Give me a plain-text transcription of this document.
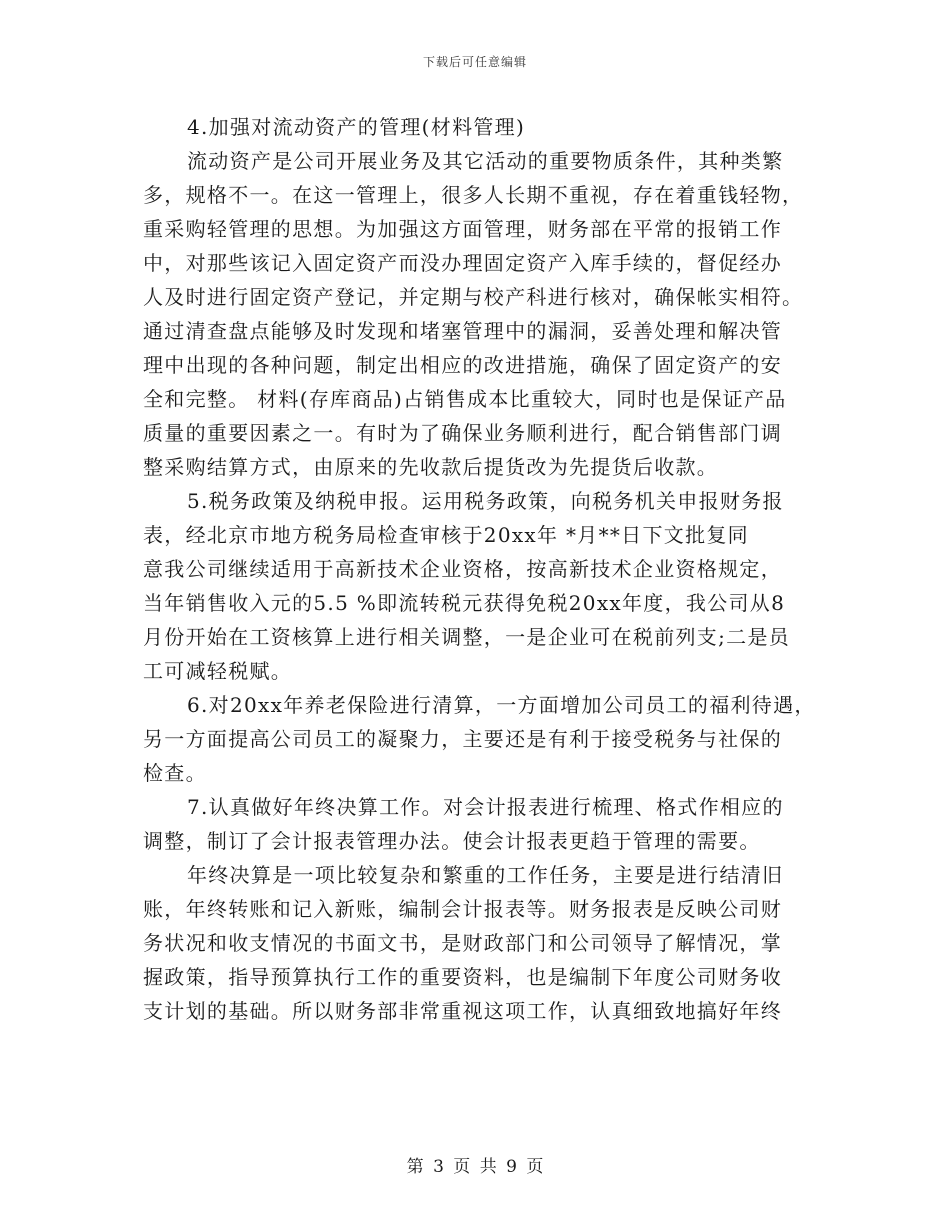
下载后可任意编辑
4.加强对流动资产的管理(材料管理)
流动资产是公司开展业务及其它活动的重要物质条件，其种类繁
多，规格不一。在这一管理上，很多人长期不重视，存在着重钱轻物，
重采购轻管理的思想。为加强这方面管理，财务部在平常的报销工作
中，对那些该记入固定资产而没办理固定资产入库手续的，督促经办
人及时进行固定资产登记，并定期与校产科进行核对，确保帐实相符。
通过清查盘点能够及时发现和堵塞管理中的漏洞，妥善处理和解决管
理中出现的各种问题，制定出相应的改进措施，确保了固定资产的安
全和完整。 材料(存库商品)占销售成本比重较大，同时也是保证产品
质量的重要因素之一。有时为了确保业务顺利进行，配合销售部门调
整采购结算方式，由原来的先收款后提货改为先提货后收款。
5.税务政策及纳税申报。运用税务政策，向税务机关申报财务报
表，经北京市地方税务局检查审核于20xx年 *月**日下文批复同
意我公司继续适用于高新技术企业资格，按高新技术企业资格规定，
当年销售收入元的5.5 %即流转税元获得免税20xx年度，我公司从8
月份开始在工资核算上进行相关调整，一是企业可在税前列支;二是员
工可减轻税赋。
6.对20xx年养老保险进行清算，一方面增加公司员工的福利待遇，
另一方面提高公司员工的凝聚力，主要还是有利于接受税务与社保的
检查。
7.认真做好年终决算工作。对会计报表进行梳理、格式作相应的
调整，制订了会计报表管理办法。使会计报表更趋于管理的需要。
年终决算是一项比较复杂和繁重的工作任务，主要是进行结清旧
账，年终转账和记入新账，编制会计报表等。财务报表是反映公司财
务状况和收支情况的书面文书，是财政部门和公司领导了解情况，掌
握政策，指导预算执行工作的重要资料，也是编制下年度公司财务收
支计划的基础。所以财务部非常重视这项工作，认真细致地搞好年终
第 3 页 共 9 页
